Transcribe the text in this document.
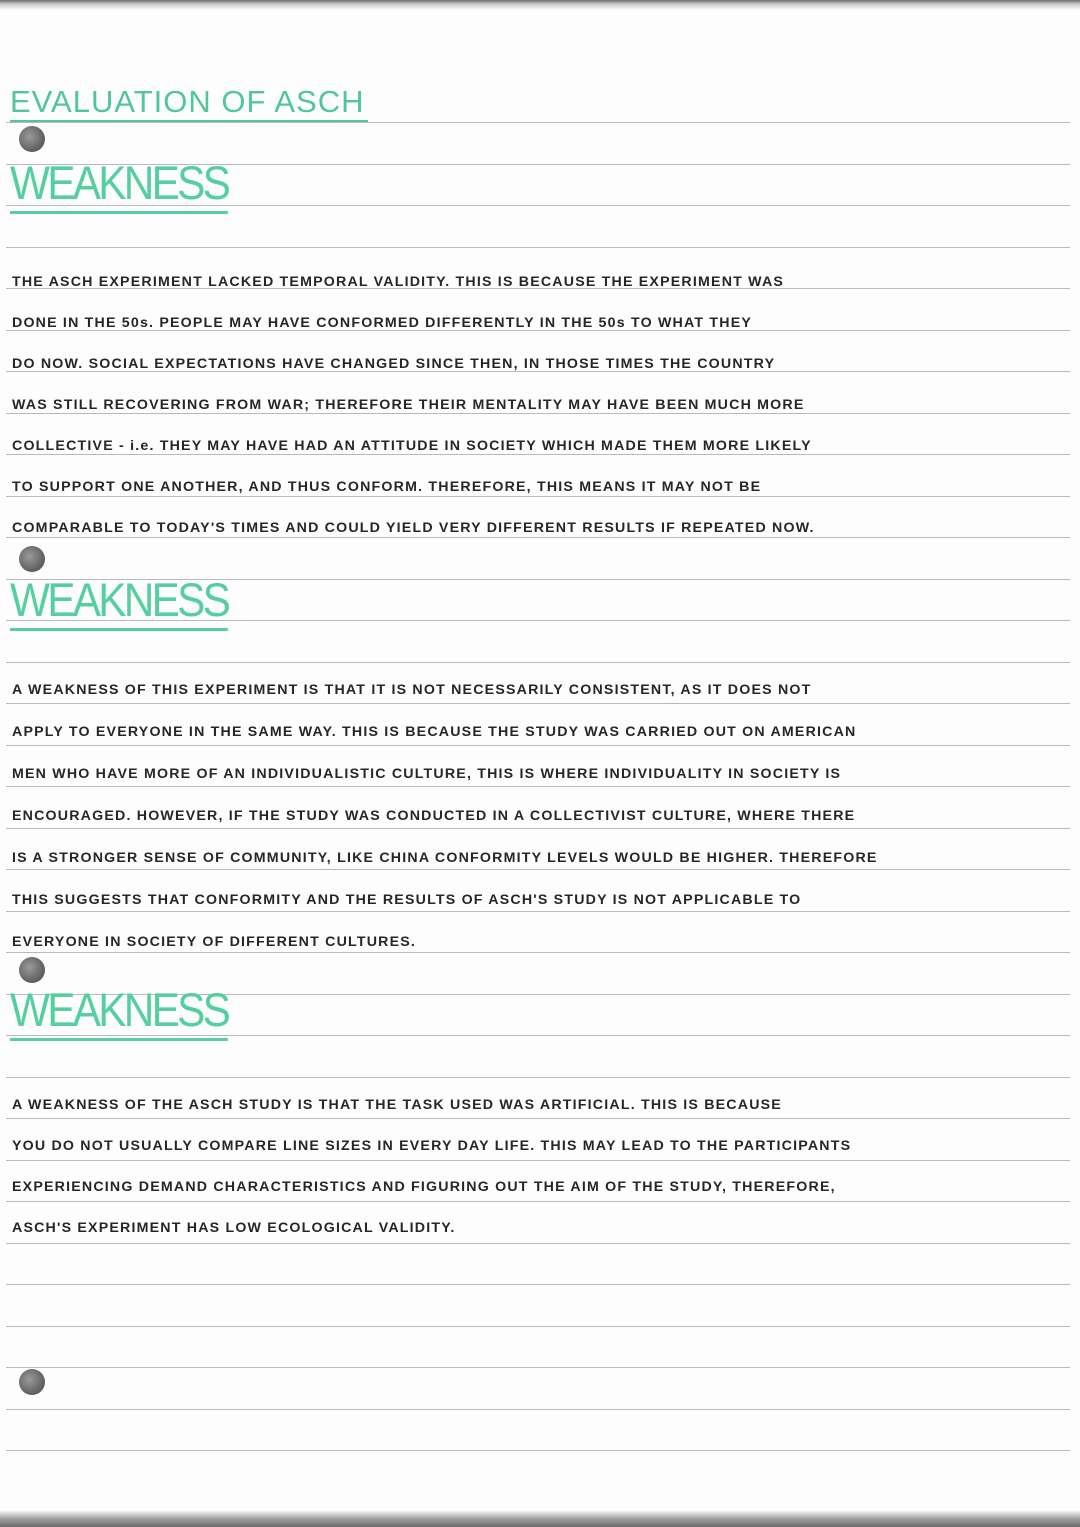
EVALUATION OF ASCH
WEAKNESS
THE ASCH EXPERIMENT LACKED TEMPORAL VALIDITY. THIS IS BECAUSE THE EXPERIMENT WAS
DONE IN THE 50s. PEOPLE MAY HAVE CONFORMED DIFFERENTLY IN THE 50s TO WHAT THEY
DO NOW. SOCIAL EXPECTATIONS HAVE CHANGED SINCE THEN, IN THOSE TIMES THE COUNTRY
WAS STILL RECOVERING FROM WAR; THEREFORE THEIR MENTALITY MAY HAVE BEEN MUCH MORE
COLLECTIVE - i.e. THEY MAY HAVE HAD AN ATTITUDE IN SOCIETY WHICH MADE THEM MORE LIKELY
TO SUPPORT ONE ANOTHER, AND THUS CONFORM. THEREFORE, THIS MEANS IT MAY NOT BE
COMPARABLE TO TODAY'S TIMES AND COULD YIELD VERY DIFFERENT RESULTS IF REPEATED NOW.
WEAKNESS
A WEAKNESS OF THIS EXPERIMENT IS THAT IT IS NOT NECESSARILY CONSISTENT, AS IT DOES NOT
APPLY TO EVERYONE IN THE SAME WAY. THIS IS BECAUSE THE STUDY WAS CARRIED OUT ON AMERICAN
MEN WHO HAVE MORE OF AN INDIVIDUALISTIC CULTURE, THIS IS WHERE INDIVIDUALITY IN SOCIETY IS
ENCOURAGED. HOWEVER, IF THE STUDY WAS CONDUCTED IN A COLLECTIVIST CULTURE, WHERE THERE
IS A STRONGER SENSE OF COMMUNITY, LIKE CHINA CONFORMITY LEVELS WOULD BE HIGHER. THEREFORE
THIS SUGGESTS THAT CONFORMITY AND THE RESULTS OF ASCH'S STUDY IS NOT APPLICABLE TO
EVERYONE IN SOCIETY OF DIFFERENT CULTURES.
WEAKNESS
A WEAKNESS OF THE ASCH STUDY IS THAT THE TASK USED WAS ARTIFICIAL. THIS IS BECAUSE
YOU DO NOT USUALLY COMPARE LINE SIZES IN EVERY DAY LIFE. THIS MAY LEAD TO THE PARTICIPANTS
EXPERIENCING DEMAND CHARACTERISTICS AND FIGURING OUT THE AIM OF THE STUDY, THEREFORE,
ASCH'S EXPERIMENT HAS LOW ECOLOGICAL VALIDITY.
